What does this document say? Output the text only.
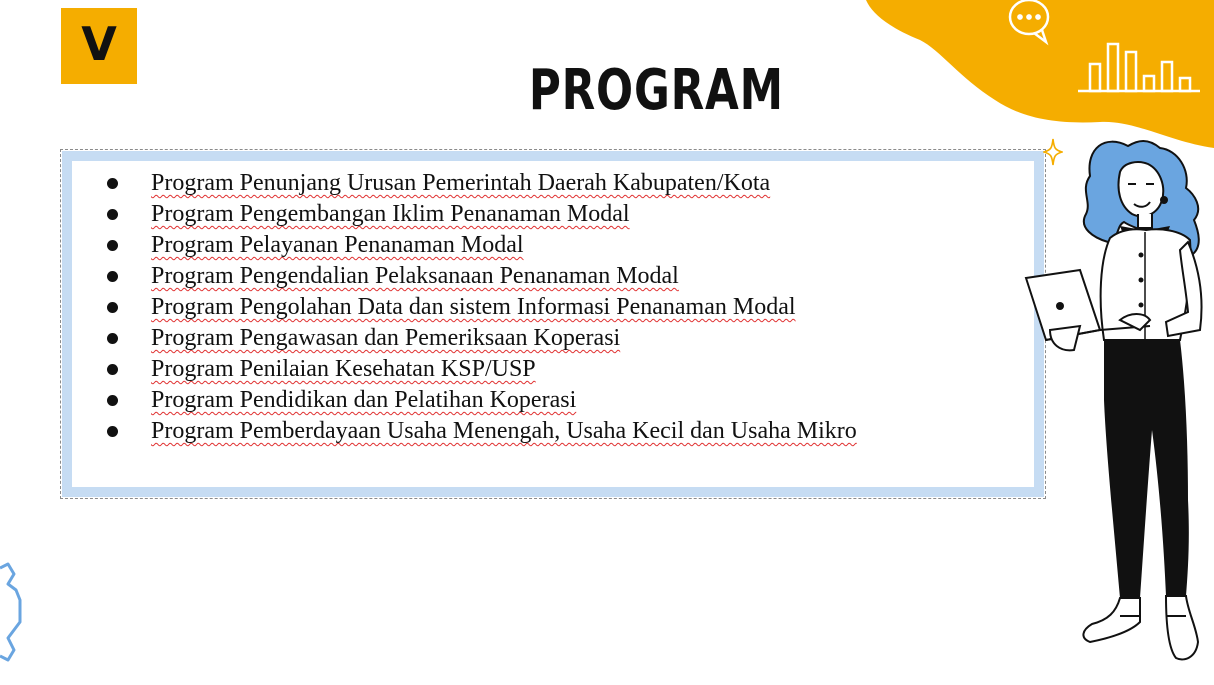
V
PROGRAM
Program Penunjang Urusan Pemerintah Daerah Kabupaten/Kota
Program Pengembangan Iklim Penanaman Modal
Program Pelayanan Penanaman Modal
Program Pengendalian Pelaksanaan Penanaman Modal
Program Pengolahan Data dan sistem Informasi Penanaman Modal
Program Pengawasan dan Pemeriksaan Koperasi
Program Penilaian Kesehatan KSP/USP
Program Pendidikan dan Pelatihan Koperasi
Program Pemberdayaan Usaha Menengah, Usaha Kecil dan Usaha Mikro
